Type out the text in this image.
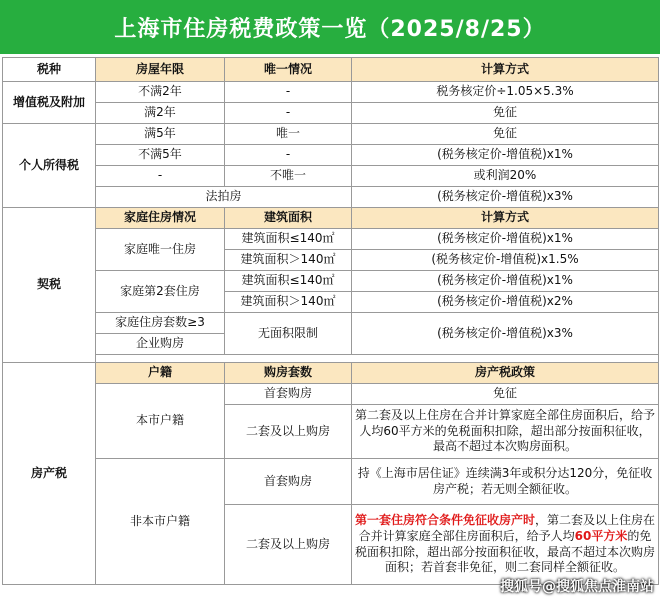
上海市住房税费政策一览（2025/8/25）
税种	房屋年限	唯一情况	计算方式
增值税及附加	不满2年	-	税务核定价÷1.05×5.3%
	满2年	-	免征
个人所得税	满5年	唯一	免征
	不满5年	-	(税务核定价-增值税)x1%
	-	不唯一	或利润20%
	法拍房		(税务核定价-增值税)x3%
契税	家庭住房情况	建筑面积	计算方式
	家庭唯一住房	建筑面积≤140㎡	(税务核定价-增值税)x1%
		建筑面积＞140㎡	(税务核定价-增值税)x1.5%
	家庭第2套住房	建筑面积≤140㎡	(税务核定价-增值税)x1%
		建筑面积＞140㎡	(税务核定价-增值税)x2%
	家庭住房套数≥3	无面积限制	(税务核定价-增值税)x3%
	企业购房		

房产税	户籍	购房套数	房产税政策
	本市户籍	首套购房	免征
		二套及以上购房	第二套及以上住房在合并计算家庭全部住房面积后，给予人均60平方米的免税面积扣除，超出部分按面积征收，最高不超过本次购房面积。

	非本市户籍	首套购房	持《上海市居住证》连续满3年或积分达120分，免征收房产税；若无则全额征收。
		二套及以上购房	第一套住房符合条件免征收房产时，第二套及以上住房在合并计算家庭全部住房面积后，给予人均60平方米的免税面积扣除，超出部分按面积征收，最高不超过本次购房面积；若首套非免征，则二套同样全额征收。

搜狐号@搜狐焦点淮南站
